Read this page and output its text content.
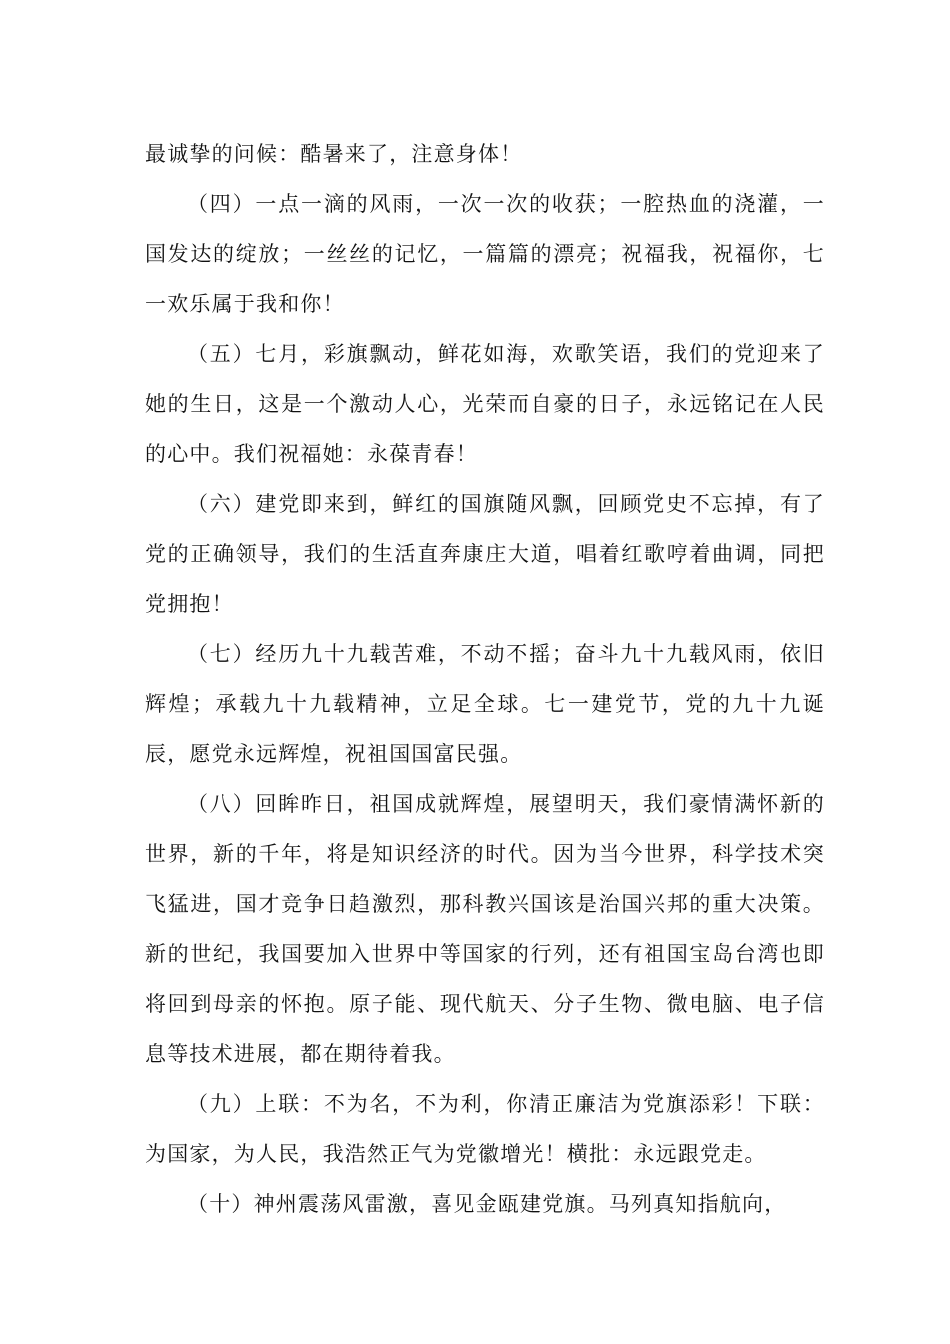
最诚挚的问候：酷暑来了，注意身体！

（四）一点一滴的风雨，一次一次的收获；一腔热血的浇灌，一国发达的绽放；一丝丝的记忆，一篇篇的漂亮；祝福我，祝福你，七一欢乐属于我和你！

（五）七月，彩旗飘动，鲜花如海，欢歌笑语，我们的党迎来了她的生日，这是一个激动人心，光荣而自豪的日子，永远铭记在人民的心中。我们祝福她：永葆青春！

（六）建党即来到，鲜红的国旗随风飘，回顾党史不忘掉，有了党的正确领导，我们的生活直奔康庄大道，唱着红歌哼着曲调，同把党拥抱！

（七）经历九十九载苦难，不动不摇；奋斗九十九载风雨，依旧辉煌；承载九十九载精神，立足全球。七一建党节，党的九十九诞辰，愿党永远辉煌，祝祖国国富民强。

（八）回眸昨日，祖国成就辉煌，展望明天，我们豪情满怀新的世界，新的千年，将是知识经济的时代。因为当今世界，科学技术突飞猛进，国才竞争日趋激烈，那科教兴国该是治国兴邦的重大决策。新的世纪，我国要加入世界中等国家的行列，还有祖国宝岛台湾也即将回到母亲的怀抱。原子能、现代航天、分子生物、微电脑、电子信息等技术进展，都在期待着我。

（九）上联：不为名，不为利，你清正廉洁为党旗添彩！下联：为国家，为人民，我浩然正气为党徽增光！横批：永远跟党走。

（十）神州震荡风雷激，喜见金瓯建党旗。马列真知指航向，
